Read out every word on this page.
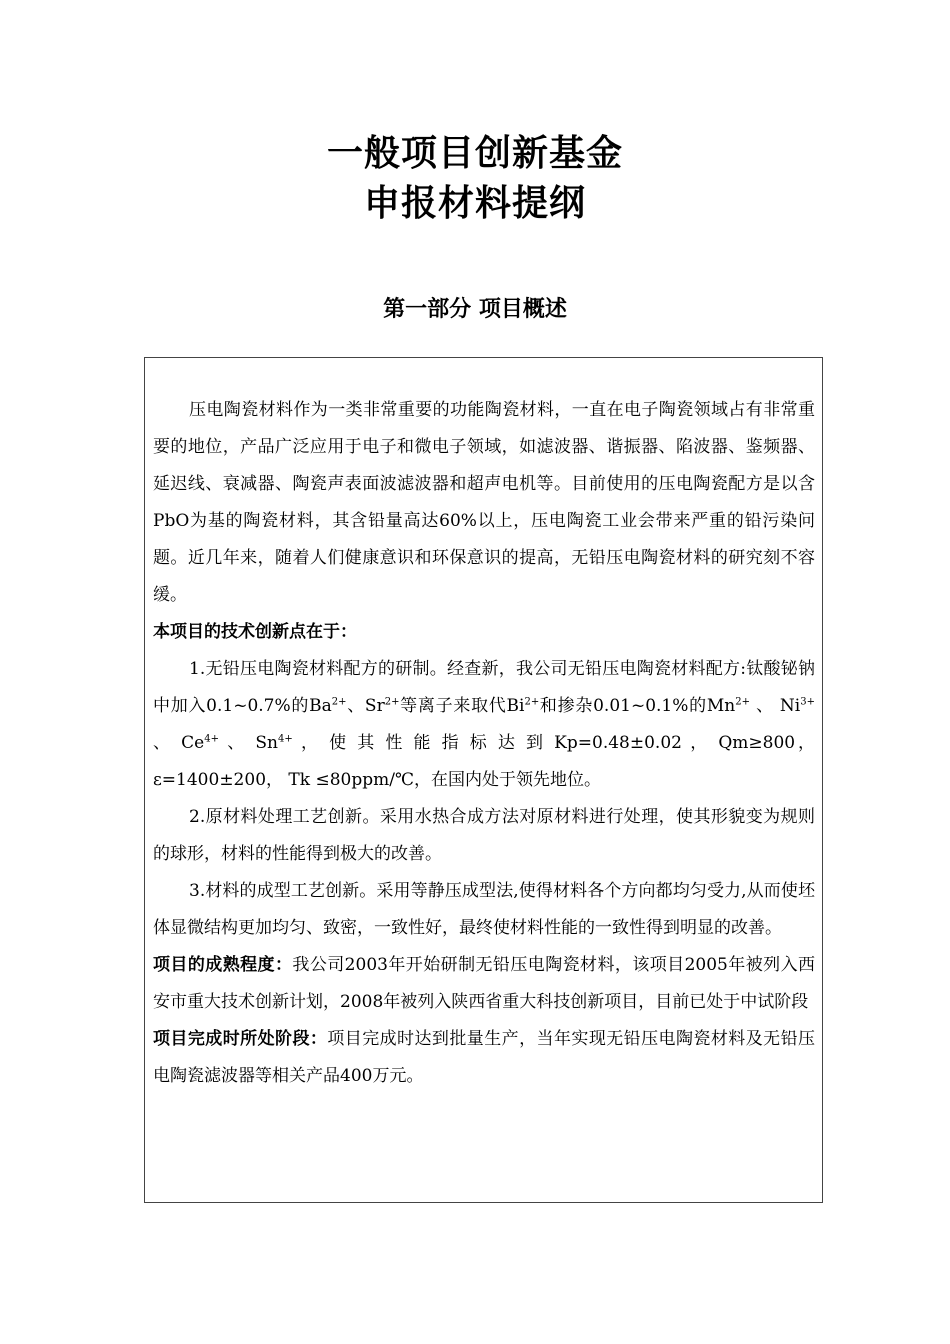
一般项目创新基金
申报材料提纲
第一部分 项目概述

压电陶瓷材料作为一类非常重要的功能陶瓷材料，一直在电子陶瓷领域占有非常重要的地位，产品广泛应用于电子和微电子领域，如滤波器、谐振器、陷波器、鉴频器、延迟线、衰减器、陶瓷声表面波滤波器和超声电机等。目前使用的压电陶瓷配方是以含PbO为基的陶瓷材料，其含铅量高达60%以上，压电陶瓷工业会带来严重的铅污染问题。近几年来，随着人们健康意识和环保意识的提高，无铅压电陶瓷材料的研究刻不容缓。

本项目的技术创新点在于：

1.无铅压电陶瓷材料配方的研制。经查新，我公司无铅压电陶瓷材料配方:钛酸铋钠中加入0.1~0.7%的$Ba^{2+}$、$Sr^{2+}$等离子来取代$Bi^{2+}$和掺杂0.01~0.1%的$Mn^{2+}$ 、 $Ni^{3+}$ 、 $Ce^{4+}$ 、 $Sn^{4+}$ ， 使 其 性 能 指 标 达 到 Kp=0.48±0.02 ， Qm≥800， ε=1400±200， Tk ≤80ppm/℃，在国内处于领先地位。

2.原材料处理工艺创新。采用水热合成方法对原材料进行处理，使其形貌变为规则的球形，材料的性能得到极大的改善。

3.材料的成型工艺创新。采用等静压成型法,使得材料各个方向都均匀受力,从而使坯体显微结构更加均匀、致密，一致性好，最终使材料性能的一致性得到明显的改善。

项目的成熟程度：我公司2003年开始研制无铅压电陶瓷材料，该项目2005年被列入西安市重大技术创新计划，2008年被列入陕西省重大科技创新项目，目前已处于中试阶段

项目完成时所处阶段：项目完成时达到批量生产，当年实现无铅压电陶瓷材料及无铅压电陶瓷滤波器等相关产品400万元。
